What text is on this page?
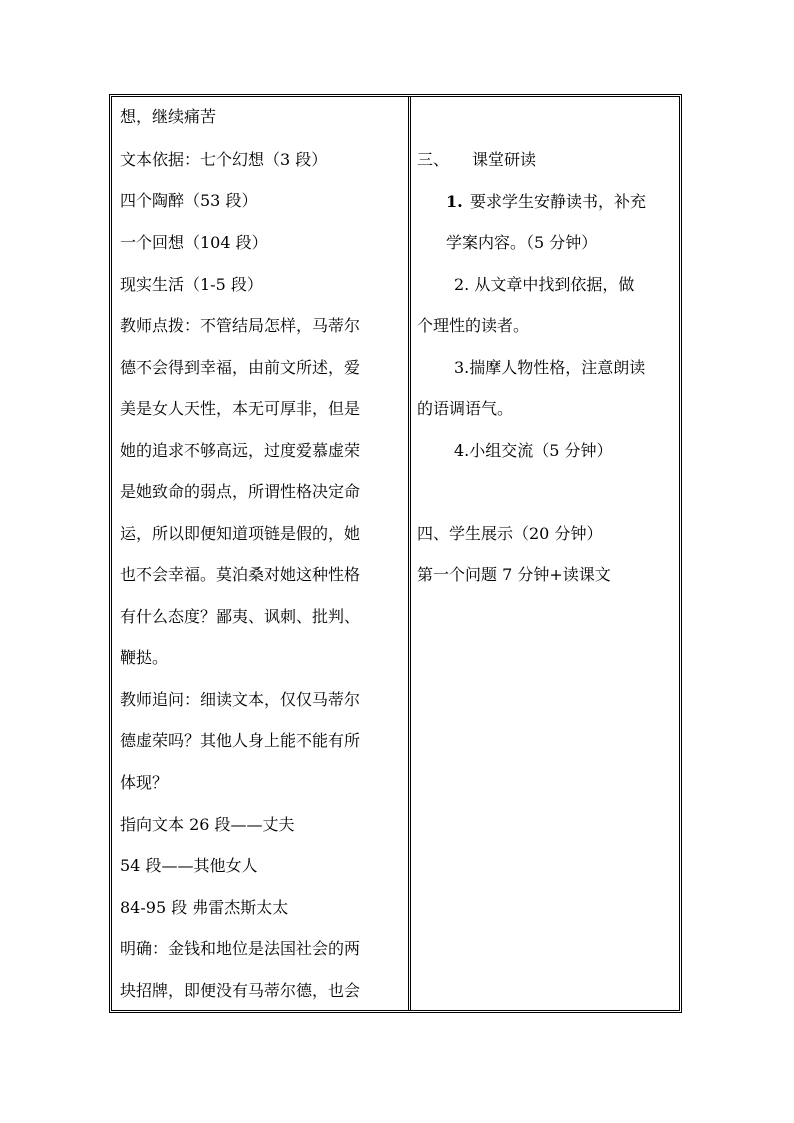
想，继续痛苦
文本依据：七个幻想（3 段）
四个陶醉（53 段）
一个回想（104 段）
现实生活（1-5 段）
教师点拨：不管结局怎样，马蒂尔
德不会得到幸福，由前文所述，爱
美是女人天性，本无可厚非，但是
她的追求不够高远，过度爱慕虚荣
是她致命的弱点，所谓性格决定命
运，所以即便知道项链是假的，她
也不会幸福。莫泊桑对她这种性格
有什么态度？鄙夷、讽刺、批判、
鞭挞。
教师追问：细读文本，仅仅马蒂尔
德虚荣吗？其他人身上能不能有所
体现？
指向文本 26 段——丈夫
54 段——其他女人
84-95 段 弗雷杰斯太太
明确：金钱和地位是法国社会的两
块招牌，即便没有马蒂尔德，也会
三、 课堂研读
1. 要求学生安静读书，补充
学案内容。（5 分钟）
2. 从文章中找到依据，做
个理性的读者。
3.揣摩人物性格，注意朗读
的语调语气。
4.小组交流（5 分钟）
四、学生展示（20 分钟）
第一个问题 7 分钟+读课文
